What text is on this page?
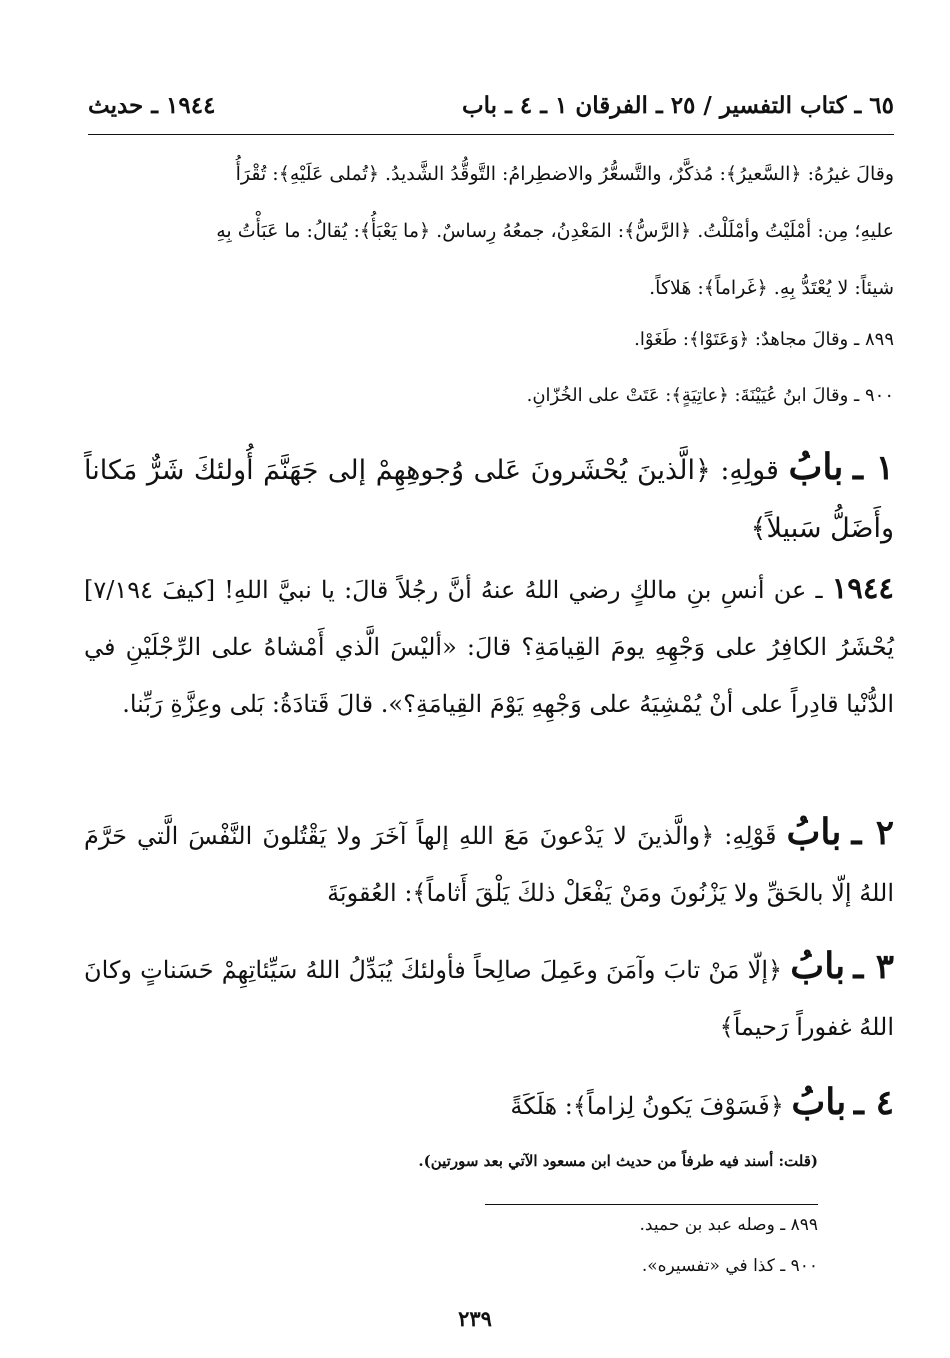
٦٥ ـ كتاب التفسير / ٢٥ ـ الفرقان ١ ـ ٤ ـ باب
١٩٤٤ ـ حديث
وقالَ غيرُهُ: ﴿السَّعيرُ﴾: مُذكَّرٌ، والتَّسعُّرُ والاضطِرامُ: التَّوقُّدُ الشَّديدُ. ﴿تُملى عَلَيْهِ﴾: تُقْرَأُ
عليهِ؛ مِن: أمْلَيْتُ وأمْلَلْتُ. ﴿الرَّسُّ﴾: المَعْدِنُ، جمعُهُ رِساسٌ. ﴿ما يَعْبَأُ﴾: يُقالُ: ما عَبَأْتُ بِهِ
شيئاً: لا يُعْتَدُّ بِهِ. ﴿غَراماً﴾: هَلاكاً.
٨٩٩ ـ وقالَ مجاهدٌ: ﴿وَعَتَوْا﴾: طَغَوْا.
٩٠٠ ـ وقالَ ابنُ عُيَيْنَةَ: ﴿عاتِيَةٍ﴾: عَتَتْ على الخُزّانِ.
١ ـ بابُ قولِهِ: ﴿الَّذينَ يُحْشَرونَ عَلى وُجوهِهِمْ إلى جَهَنَّمَ أُولئكَ شَرٌّ مَكاناً وأَضَلُّ سَبيلاً﴾
١٩٤٤ ـ عن أنسِ بنِ مالكٍ رضي اللهُ عنهُ أنَّ رجُلاً قالَ: يا نبيَّ اللهِ! [كيفَ ٧/١٩٤] يُحْشَرُ الكافِرُ على وَجْهِهِ يومَ القِيامَةِ؟ قالَ: «أليْسَ الَّذي أَمْشاهُ على الرِّجْلَيْنِ في الدُّنْيا قادِراً على أنْ يُمْشِيَهُ على وَجْهِهِ يَوْمَ القِيامَةِ؟». قالَ قَتادَةُ: بَلى وعِزَّةِ رَبِّنا.
٢ ـ بابُ قَوْلِهِ: ﴿والَّذينَ لا يَدْعونَ مَعَ اللهِ إلهاً آخَرَ ولا يَقْتُلونَ النَّفْسَ الَّتي حَرَّمَ اللهُ إلّا بالحَقِّ ولا يَزْنُونَ ومَنْ يَفْعَلْ ذلكَ يَلْقَ أَثاماً﴾: العُقوبَةَ
٣ ـ بابُ ﴿إلّا مَنْ تابَ وآمَنَ وعَمِلَ صالِحاً فأولئكَ يُبَدِّلُ اللهُ سَيِّئاتِهِمْ حَسَناتٍ وكانَ اللهُ غفوراً رَحيماً﴾
٤ ـ بابُ ﴿فَسَوْفَ يَكونُ لِزاماً﴾: هَلَكَةً
(قلت: أسند فيه طرفاً من حديث ابن مسعود الآتي بعد سورتين).
٨٩٩ ـ وصله عبد بن حميد.
٩٠٠ ـ كذا في «تفسيره».
٢٣٩
